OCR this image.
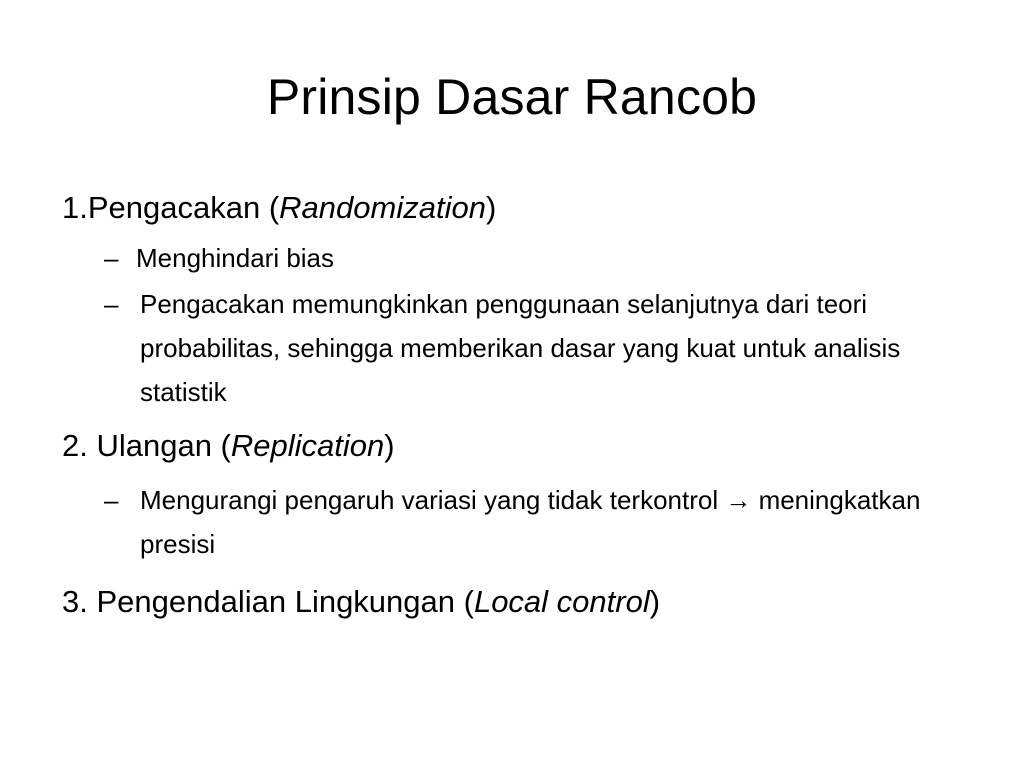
Prinsip Dasar Rancob

1.Pengacakan (Randomization)

– Menghindari bias

– Pengacakan memungkinkan penggunaan selanjutnya dari teori probabilitas, sehingga memberikan dasar yang kuat untuk analisis statistik

2. Ulangan (Replication)

– Mengurangi pengaruh variasi yang tidak terkontrol → meningkatkan presisi

3. Pengendalian Lingkungan (Local control)
